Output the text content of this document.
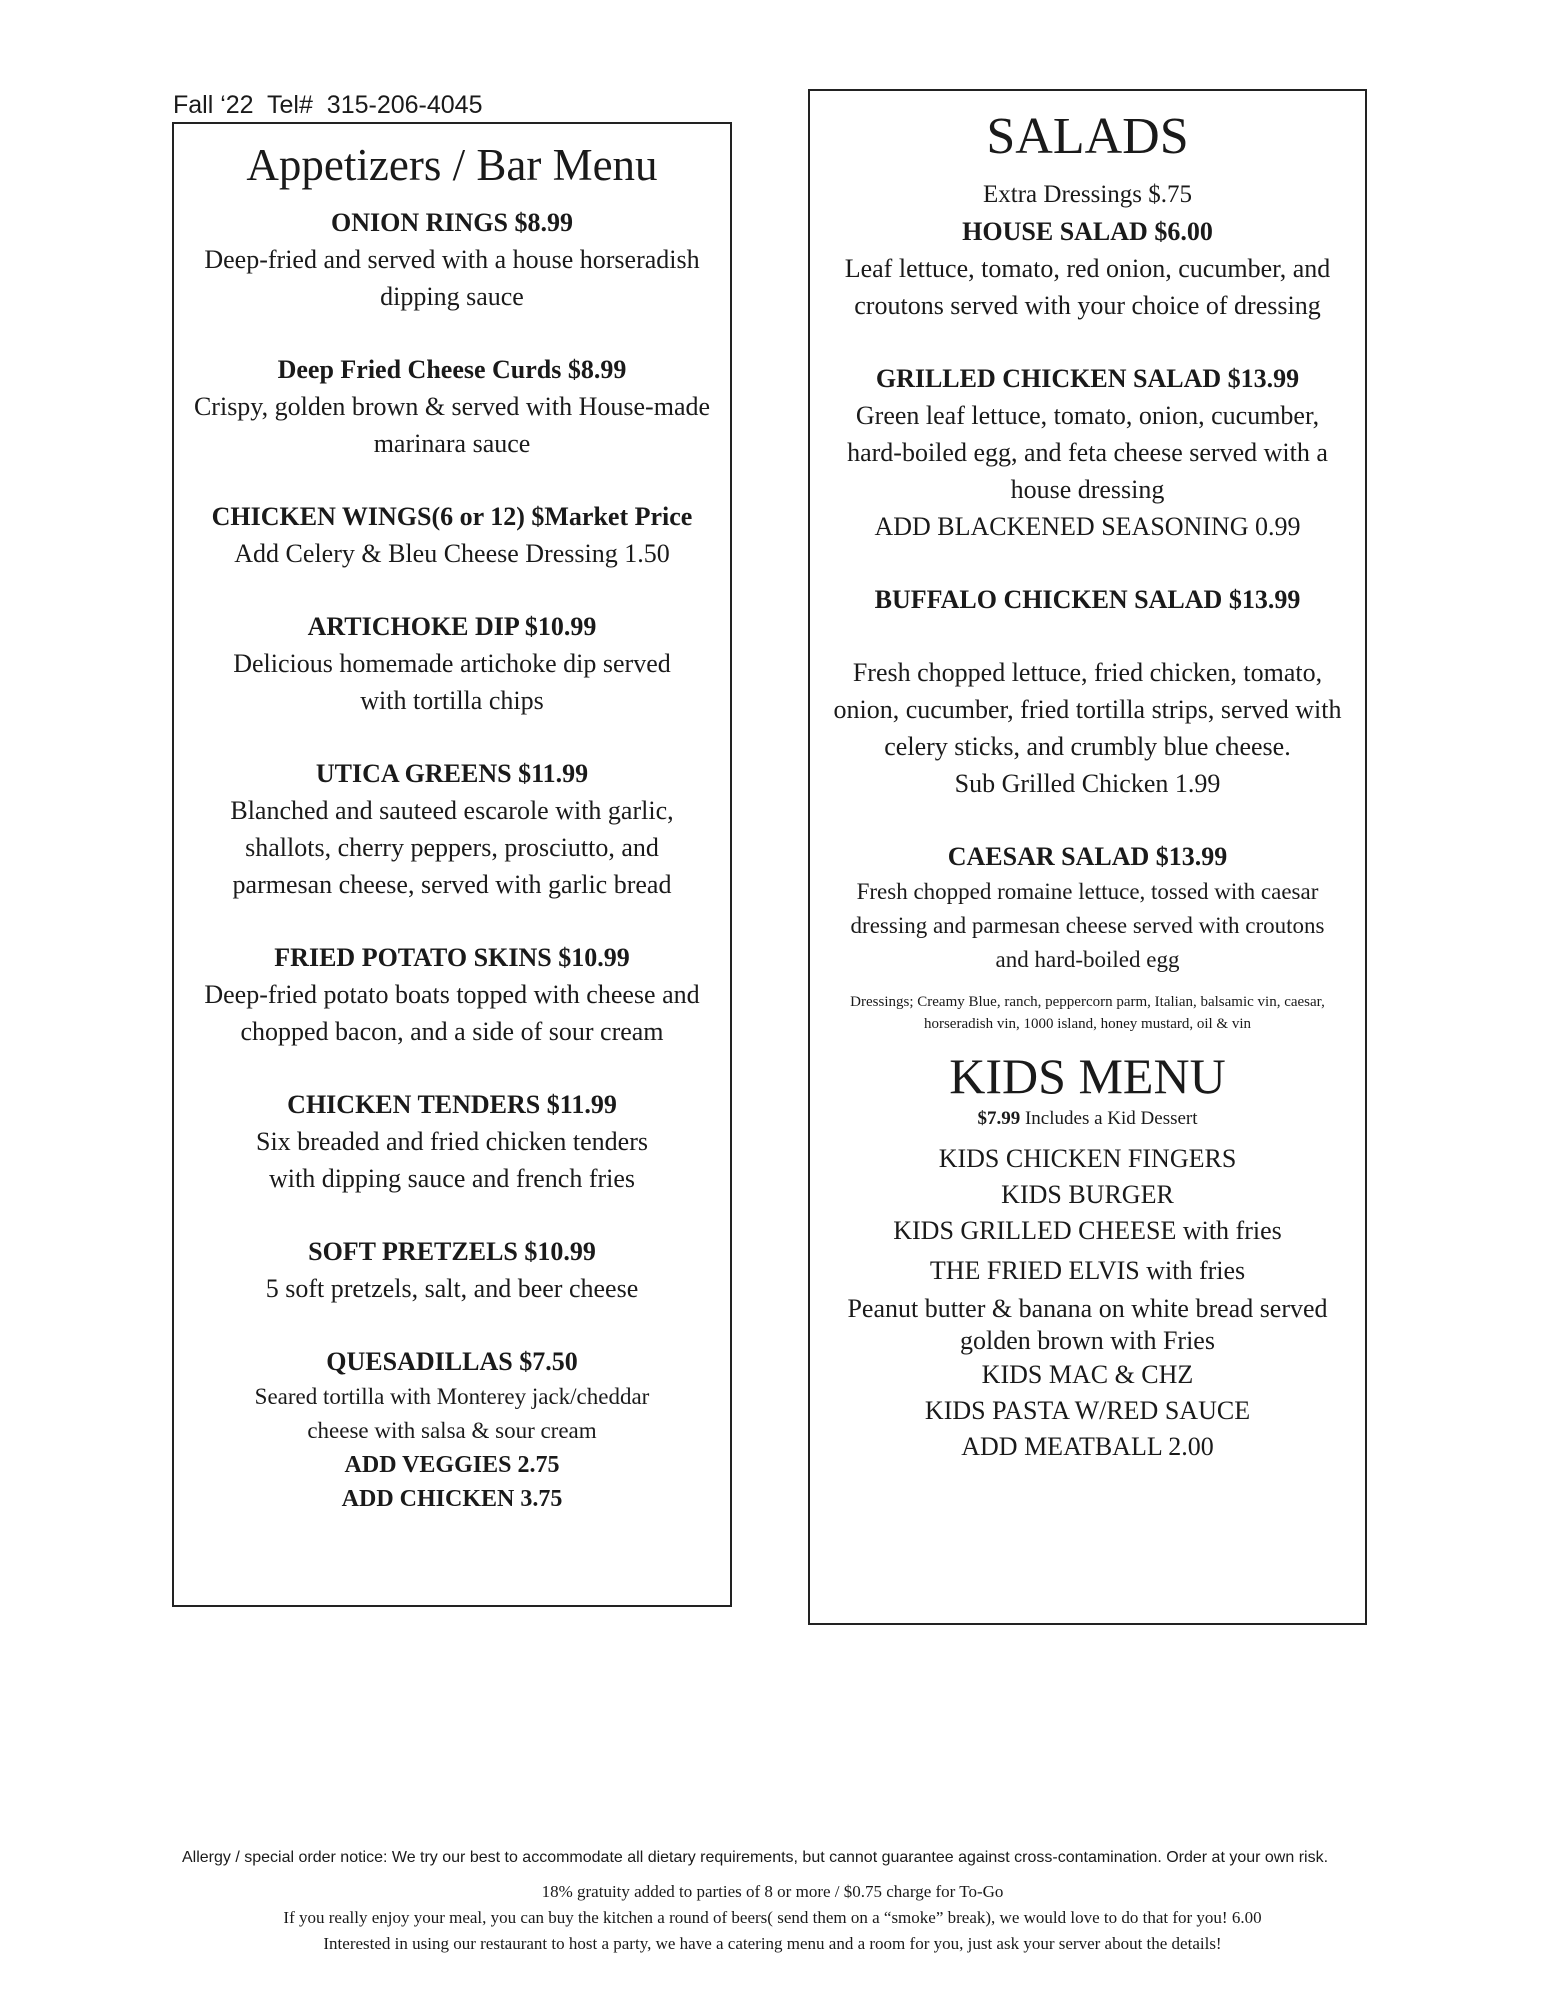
Fall ‘22  Tel#  315-206-4045
Appetizers / Bar Menu
ONION RINGS $8.99
Deep-fried and served with a house horseradish dipping sauce
Deep Fried Cheese Curds $8.99
Crispy, golden brown & served with House-made marinara sauce
CHICKEN WINGS(6 or 12) $Market Price
Add Celery & Bleu Cheese Dressing 1.50
ARTICHOKE DIP $10.99
Delicious homemade artichoke dip served with tortilla chips
UTICA GREENS $11.99
Blanched and sauteed escarole with garlic, shallots, cherry peppers, prosciutto, and parmesan cheese, served with garlic bread
FRIED POTATO SKINS $10.99
Deep-fried potato boats topped with cheese and chopped bacon, and a side of sour cream
CHICKEN TENDERS $11.99
Six breaded and fried chicken tenders with dipping sauce and french fries
SOFT PRETZELS $10.99
5 soft pretzels, salt, and beer cheese
QUESADILLAS $7.50
Seared tortilla with Monterey jack/cheddar cheese with salsa & sour cream
ADD VEGGIES 2.75
ADD CHICKEN 3.75
SALADS
Extra Dressings $.75
HOUSE SALAD $6.00
Leaf lettuce, tomato, red onion, cucumber, and croutons served with your choice of dressing
GRILLED CHICKEN SALAD $13.99
Green leaf lettuce, tomato, onion, cucumber, hard-boiled egg, and feta cheese served with a house dressing
ADD BLACKENED SEASONING 0.99
BUFFALO CHICKEN SALAD $13.99
Fresh chopped lettuce, fried chicken, tomato, onion, cucumber, fried tortilla strips, served with celery sticks, and crumbly blue cheese.
Sub Grilled Chicken 1.99
CAESAR SALAD $13.99
Fresh chopped romaine lettuce, tossed with caesar dressing and parmesan cheese served with croutons and hard-boiled egg
Dressings; Creamy Blue, ranch, peppercorn parm, Italian, balsamic vin, caesar, horseradish vin, 1000 island, honey mustard, oil & vin
KIDS MENU
$7.99 Includes a Kid Dessert
KIDS CHICKEN FINGERS
KIDS BURGER
KIDS GRILLED CHEESE with fries
THE FRIED ELVIS with fries
Peanut butter & banana on white bread served golden brown with Fries
KIDS MAC & CHZ
KIDS PASTA W/RED SAUCE
ADD MEATBALL 2.00
Allergy / special order notice: We try our best to accommodate all dietary requirements, but cannot guarantee against cross-contamination. Order at your own risk.
18% gratuity added to parties of 8 or more / $0.75 charge for To-Go
If you really enjoy your meal, you can buy the kitchen a round of beers( send them on a “smoke” break), we would love to do that for you! 6.00
Interested in using our restaurant to host a party, we have a catering menu and a room for you, just ask your server about the details!
